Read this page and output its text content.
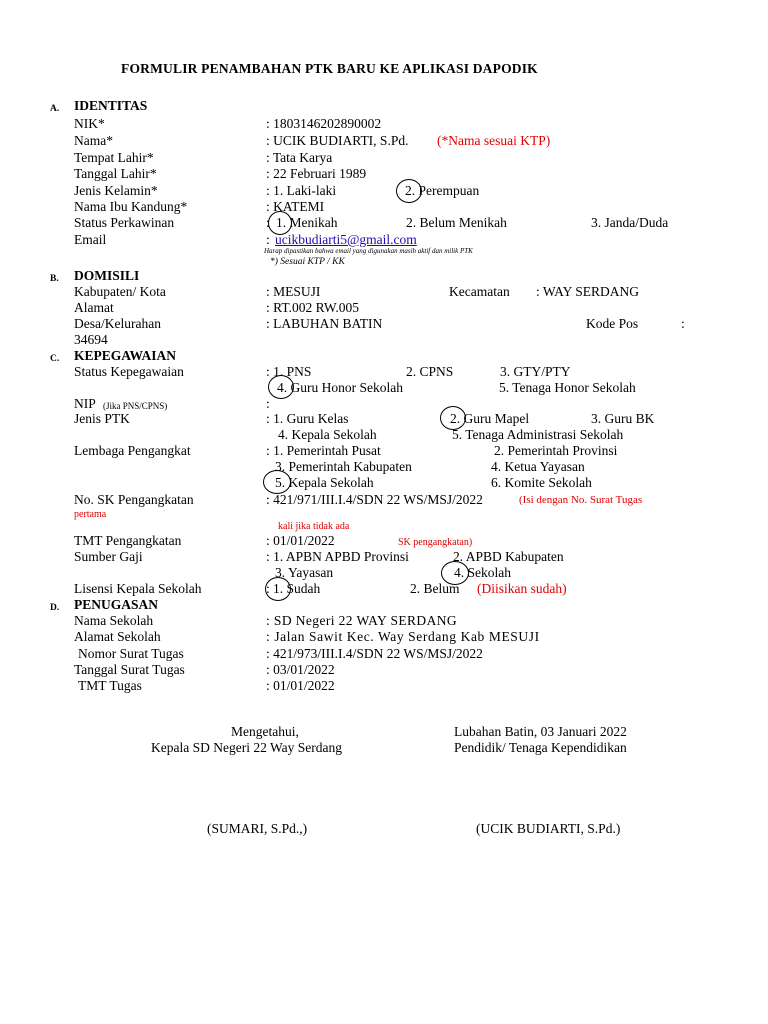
FORMULIR PENAMBAHAN PTK BARU KE APLIKASI DAPODIK
A. IDENTITAS
NIK*	: 1803146202890002
Nama*	: UCIK BUDIARTI, S.Pd. (*Nama sesuai KTP)
Tempat Lahir*	: Tata Karya
Tanggal Lahir*	: 22 Februari 1989
Jenis Kelamin*	: 1. Laki-laki	2. Perempuan
Nama Ibu Kandung*	: KATEMI
Status Perkawinan	: 1. Menikah	2. Belum Menikah	3. Janda/Duda
Email	: ucikbudiarti5@gmail.com
Harap dipastikan bahwa email yang digunakan masih aktif dan milik PTK
*) Sesuai KTP / KK
B. DOMISILI
Kabupaten/ Kota	: MESUJI	Kecamatan : WAY SERDANG
Alamat	: RT.002 RW.005
Desa/Kelurahan	: LABUHAN BATIN	Kode Pos	:
34694
C. KEPEGAWAIAN
Status Kepegawaian	: 1. PNS	2. CPNS	3. GTY/PTY
4. Guru Honor Sekolah	5. Tenaga Honor Sekolah
NIP (Jika PNS/CPNS)	:
Jenis PTK	: 1. Guru Kelas	2. Guru Mapel	3. Guru BK
4. Kepala Sekolah	5. Tenaga Administrasi Sekolah
Lembaga Pengangkat	: 1. Pemerintah Pusat	2. Pemerintah Provinsi
3. Pemerintah Kabupaten	4. Ketua Yayasan
5. Kepala Sekolah	6. Komite Sekolah
No. SK Pengangkatan	: 421/971/III.I.4/SDN 22 WS/MSJ/2022	(Isi dengan No. Surat Tugas
pertama
kali jika tidak ada
SK pengangkatan)
TMT Pengangkatan	: 01/01/2022
Sumber Gaji	: 1. APBN APBD Provinsi	2. APBD Kabupaten
3. Yayasan	4. Sekolah
Lisensi Kepala Sekolah	: 1. Sudah	2. Belum (Diisikan sudah)
D. PENUGASAN
Nama Sekolah	: SD Negeri 22 WAY SERDANG
Alamat Sekolah	: Jalan Sawit Kec. Way Serdang Kab MESUJI
Nomor Surat Tugas	: 421/973/III.I.4/SDN 22 WS/MSJ/2022
Tanggal Surat Tugas	: 03/01/2022
TMT Tugas	: 01/01/2022
Mengetahui,
Kepala SD Negeri 22 Way Serdang
Lubahan Batin, 03 Januari 2022
Pendidik/ Tenaga Kependidikan
(SUMARI, S.Pd.,)	(UCIK BUDIARTI, S.Pd.)
